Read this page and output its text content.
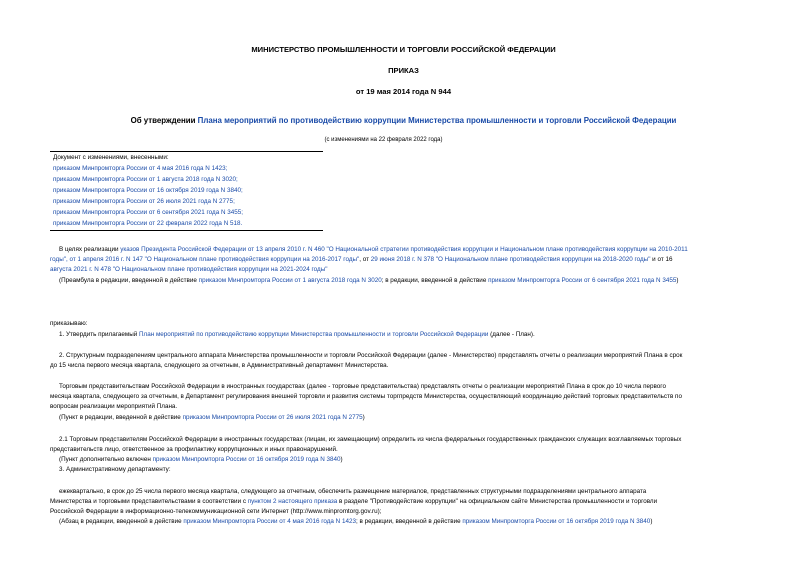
МИНИСТЕРСТВО ПРОМЫШЛЕННОСТИ И ТОРГОВЛИ РОССИЙСКОЙ ФЕДЕРАЦИИ
ПРИКАЗ
от 19 мая 2014 года N 944
Об утверждении Плана мероприятий по противодействию коррупции Министерства промышленности и торговли Российской Федерации
(с изменениями на 22 февраля 2022 года)
Документ с изменениями, внесенными:
приказом Минпромторга России от 4 мая 2016 года N 1423;
приказом Минпромторга России от 1 августа 2018 года N 3020;
приказом Минпромторга России от 16 октября 2019 года N 3840;
приказом Минпромторга России от 26 июля 2021 года N 2775;
приказом Минпромторга России от 6 сентября 2021 года N 3455;
приказом Минпромторга России от 22 февраля 2022 года N 518.
В целях реализации указов Президента Российской Федерации от 13 апреля 2010 г. N 460 "О Национальной стратегии противодействия коррупции и Национальном плане противодействия коррупции на 2010-2011
годы", от 1 апреля 2016 г. N 147 "О Национальном плане противодействия коррупции на 2016-2017 годы", от 29 июня 2018 г. N 378 "О Национальном плане противодействия коррупции на 2018-2020 годы" и от 16
августа 2021 г. N 478 "О Национальном плане противодействия коррупции на 2021-2024 годы"
(Преамбула в редакции, введенной в действие приказом Минпромторга России от 1 августа 2018 года N 3020; в редакции, введенной в действие приказом Минпромторга России от 6 сентября 2021 года N 3455)
приказываю:
1. Утвердить прилагаемый План мероприятий по противодействию коррупции Министерства промышленности и торговли Российской Федерации (далее - План).
2. Структурным подразделениям центрального аппарата Министерства промышленности и торговли Российской Федерации (далее - Министерство) представлять отчеты о реализации мероприятий Плана в срок
до 15 числа первого месяца квартала, следующего за отчетным, в Административный департамент Министерства.
Торговым представительствам Российской Федерации в иностранных государствах (далее - торговые представительства) представлять отчеты о реализации мероприятий Плана в срок до 10 числа первого
месяца квартала, следующего за отчетным, в Департамент регулирования внешней торговли и развития системы торгпредств Министерства, осуществляющий координацию действий торговых представительств по
вопросам реализации мероприятий Плана.
(Пункт в редакции, введенной в действие приказом Минпромторга России от 26 июля 2021 года N 2775)
2.1 Торговым представителям Российской Федерации в иностранных государствах (лицам, их замещающим) определить из числа федеральных государственных гражданских служащих возглавляемых торговых
представительств лицо, ответственное за профилактику коррупционных и иных правонарушений.
(Пункт дополнительно включен приказом Минпромторга России от 16 октября 2019 года N 3840)
3. Административному департаменту:
ежеквартально, в срок до 25 числа первого месяца квартала, следующего за отчетным, обеспечить размещение материалов, представленных структурными подразделениями центрального аппарата
Министерства и торговыми представительствами в соответствии с пунктом 2 настоящего приказа в разделе "Противодействие коррупции" на официальном сайте Министерства промышленности и торговли
Российской Федерации в информационно-телекоммуникационной сети Интернет (http://www.minpromtorg.gov.ru);
(Абзац в редакции, введенной в действие приказом Минпромторга России от 4 мая 2016 года N 1423; в редакции, введенной в действие приказом Минпромторга России от 16 октября 2019 года N 3840)
